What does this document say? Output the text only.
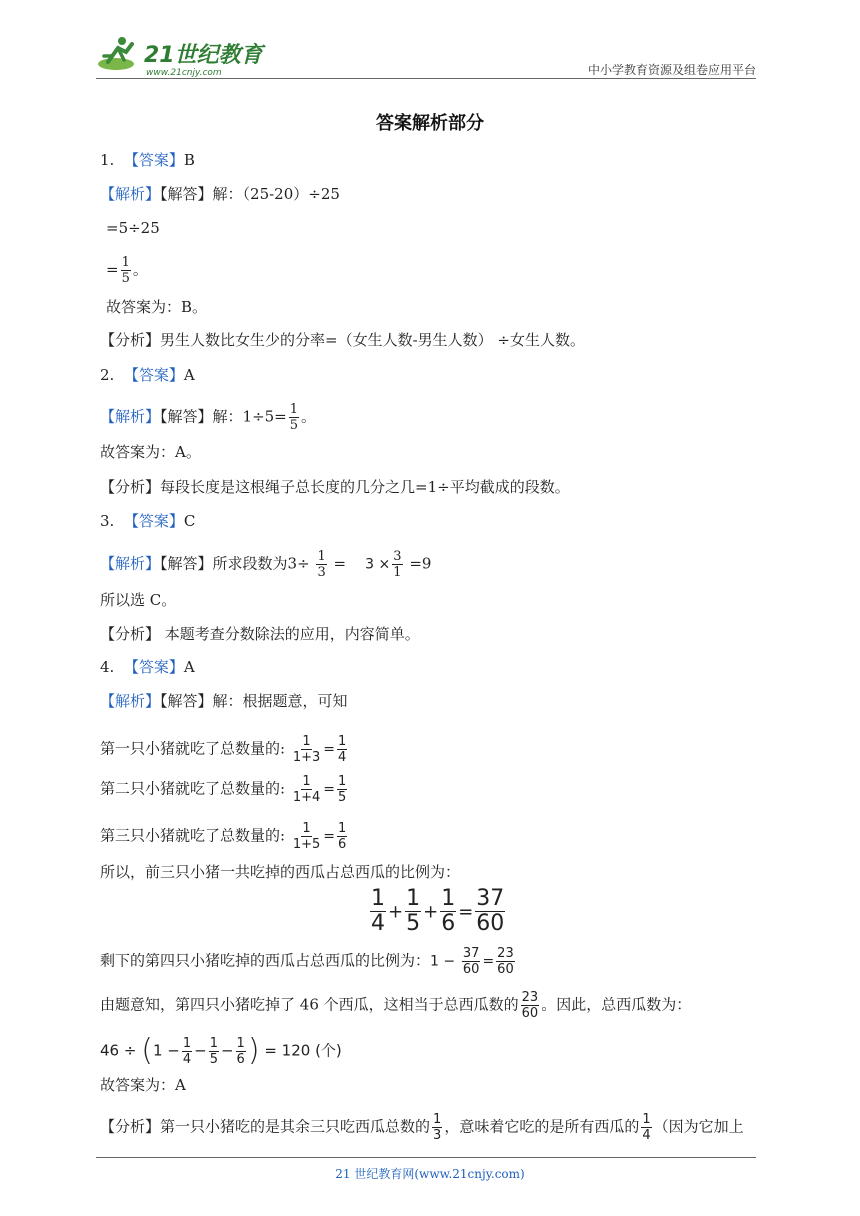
21世纪教育
www.21cnjy.com	中小学教育资源及组卷应用平台
答案解析部分
1. 【答案】B
【解析】【解答】解：（25-20）÷25
=5÷25
= $\frac{1}{5}$ 。
故答案为：B。
【分析】男生人数比女生少的分率=（女生人数-男生人数） ÷女生人数。
2. 【答案】A
【解析】【解答】解：$1\div 5= \frac{1}{5}$ 。
故答案为：A。
【分析】每段长度是这根绳子总长度的几分之几=1÷平均截成的段数。
3. 【答案】C
【解析】【解答】所求段数为$3\div \frac{1}{3} = 3 \times \frac{3}{1} =9$
所以选 C。
【分析】 本题考查分数除法的应用，内容简单。
4. 【答案】A
【解析】【解答】解：根据题意，可知
第一只小猪就吃了总数量的: $\frac{1}{1+3} = \frac{1}{4}$
第二只小猪就吃了总数量的: $\frac{1}{1+4} = \frac{1}{5}$
第三只小猪就吃了总数量的: $\frac{1}{1+5} = \frac{1}{6}$
所以，前三只小猪一共吃掉的西瓜占总西瓜的比例为：
$\frac{1}{4} + \frac{1}{5} + \frac{1}{6} = \frac{37}{60}$
剩下的第四只小猪吃掉的西瓜占总西瓜的比例为：$1 - \frac{37}{60} = \frac{23}{60}$
由题意知，第四只小猪吃掉了 46 个西瓜，这相当于总西瓜数的 $\frac{23}{60}$ 。因此，总西瓜数为：
$46 \div (1 - \frac{1}{4} - \frac{1}{5} - \frac{1}{6}$ ) = 120 (个)
故答案为：A
【分析】第一只小猪吃的是其余三只吃西瓜总数的 $\frac{1}{3}$ ，意味着它吃的是所有西瓜的 $\frac{1}{4}$ （因为它加上
21 世纪教育网(www.21cnjy.com)
